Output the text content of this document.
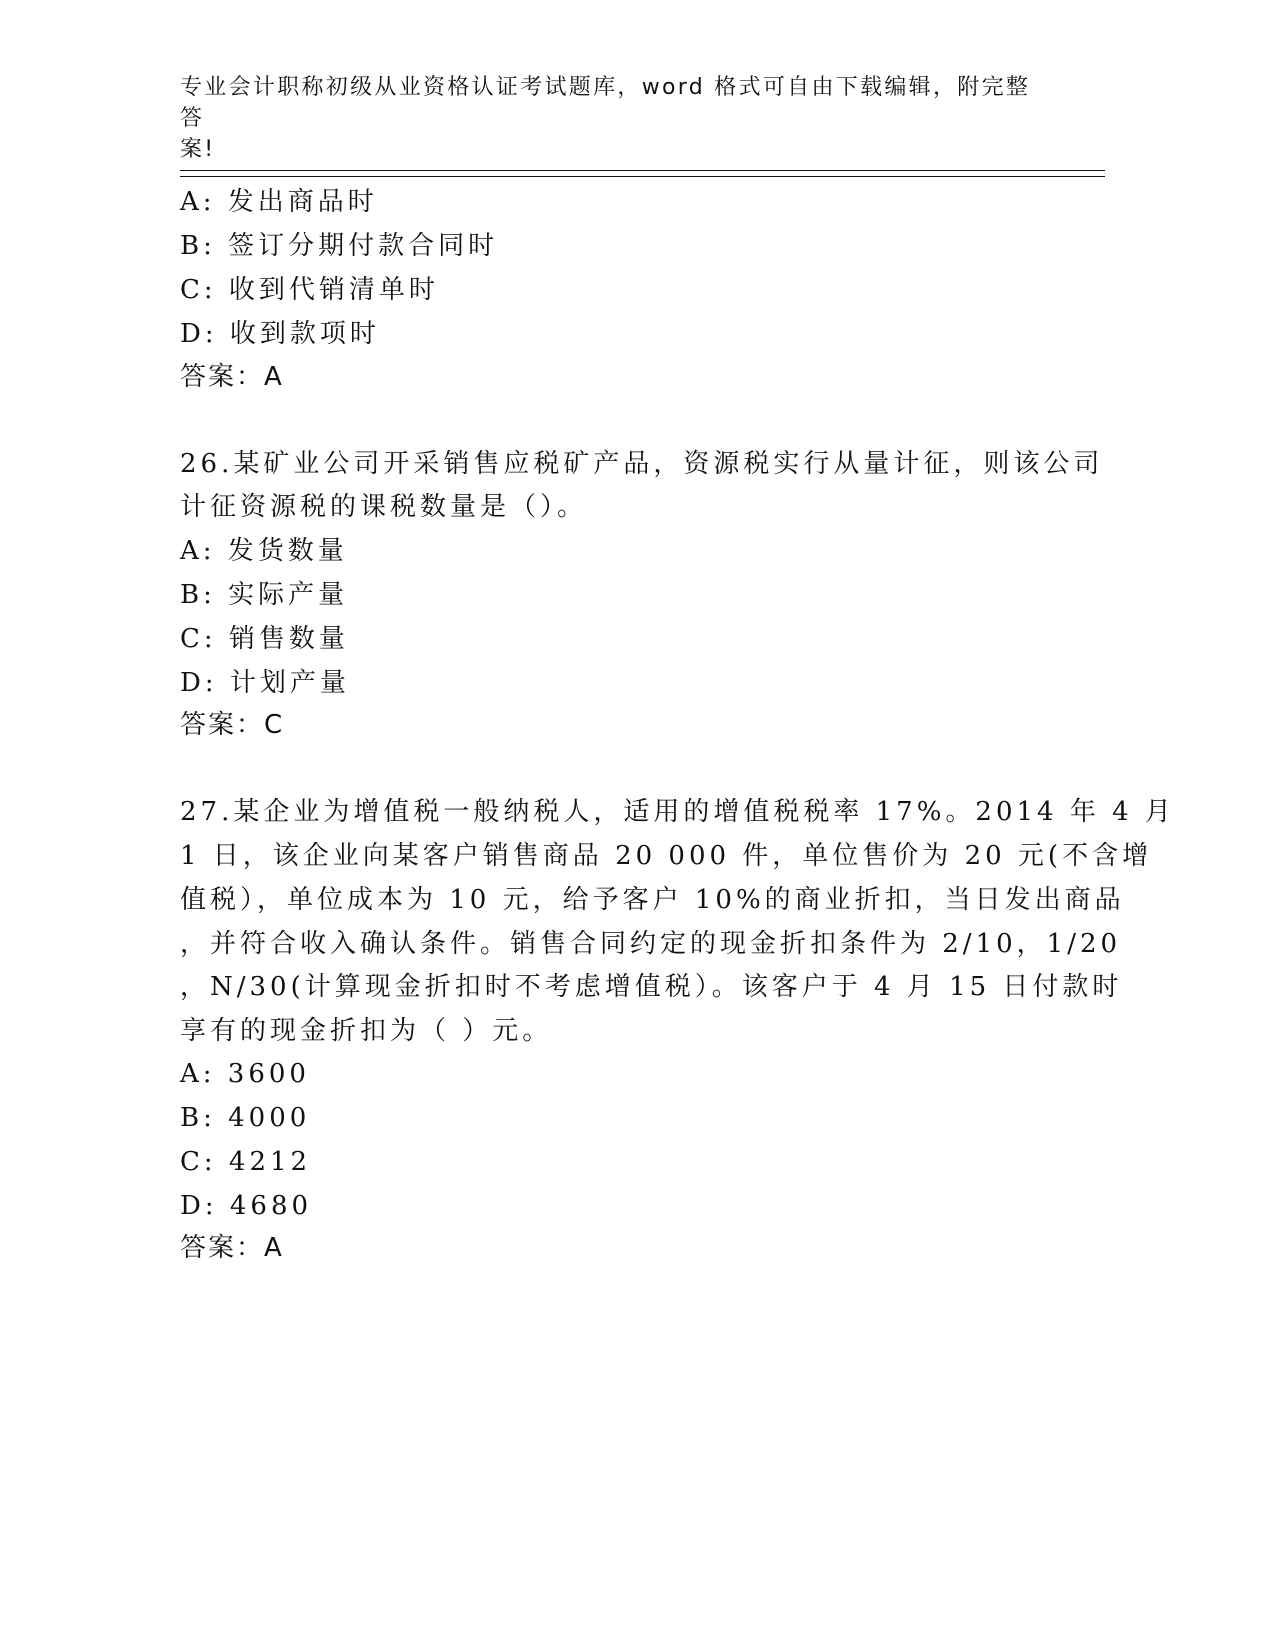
专业会计职称初级从业资格认证考试题库，word 格式可自由下载编辑，附完整答
案!
A: 发出商品时
B: 签订分期付款合同时
C: 收到代销清单时
D: 收到款项时
答案：A
26.某矿业公司开采销售应税矿产品，资源税实行从量计征，则该公司
计征资源税的课税数量是（）。
A: 发货数量
B: 实际产量
C: 销售数量
D: 计划产量
答案：C
27.某企业为增值税一般纳税人，适用的增值税税率 17%。2014 年 4 月
1 日，该企业向某客户销售商品 20 000 件，单位售价为 20 元(不含增
值税），单位成本为 10 元，给予客户 10%的商业折扣，当日发出商品
，并符合收入确认条件。销售合同约定的现金折扣条件为 2/10，1/20
，N/30(计算现金折扣时不考虑增值税）。该客户于 4 月 15 日付款时
享有的现金折扣为（ ）元。
A: 3600
B: 4000
C: 4212
D: 4680
答案：A
